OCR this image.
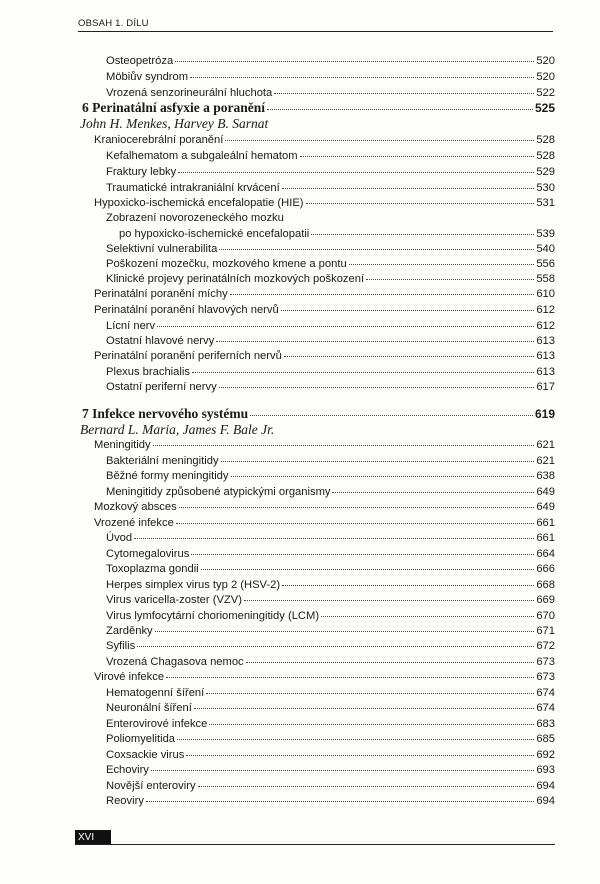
OBSAH 1. DÍLU
Osteopetróza	520
Möbiův syndrom	520
Vrozená senzorineurální hluchota	522
6 Perinatální asfyxie a poranění	525
John H. Menkes, Harvey B. Sarnat
Kraniocerebrální poranění	528
Kefalhematom a subgaleální hematom	528
Fraktury lebky	529
Traumatické intrakraniální krvácení	530
Hypoxicko-ischemická encefalopatie (HIE)	531
Zobrazení novorozeneckého mozku
po hypoxicko-ischemické encefalopatii	539
Selektivní vulnerabilita	540
Poškození mozečku, mozkového kmene a pontu	556
Klinické projevy perinatálních mozkových poškození	558
Perinatální poranění míchy	610
Perinatální poranění hlavových nervů	612
Lícní nerv	612
Ostatní hlavové nervy	613
Perinatální poranění periferních nervů	613
Plexus brachialis	613
Ostatní periferní nervy	617
7 Infekce nervového systému	619
Bernard L. Maria, James F. Bale Jr.
Meningitidy	621
Bakteriální meningitidy	621
Běžné formy meningitidy	638
Meningitidy způsobené atypickými organismy	649
Mozkový absces	649
Vrozené infekce	661
Úvod	661
Cytomegalovirus	664
Toxoplazma gondii	666
Herpes simplex virus typ 2 (HSV-2)	668
Virus varicella-zoster (VZV)	669
Virus lymfocytární choriomeningitidy (LCM)	670
Zarděnky	671
Syfilis	672
Vrozená Chagasova nemoc	673
Virové infekce	673
Hematogenní šíření	674
Neuronální šíření	674
Enterovirové infekce	683
Poliomyelitida	685
Coxsackie virus	692
Echoviry	693
Novější enteroviry	694
Reoviry	694
XVI
